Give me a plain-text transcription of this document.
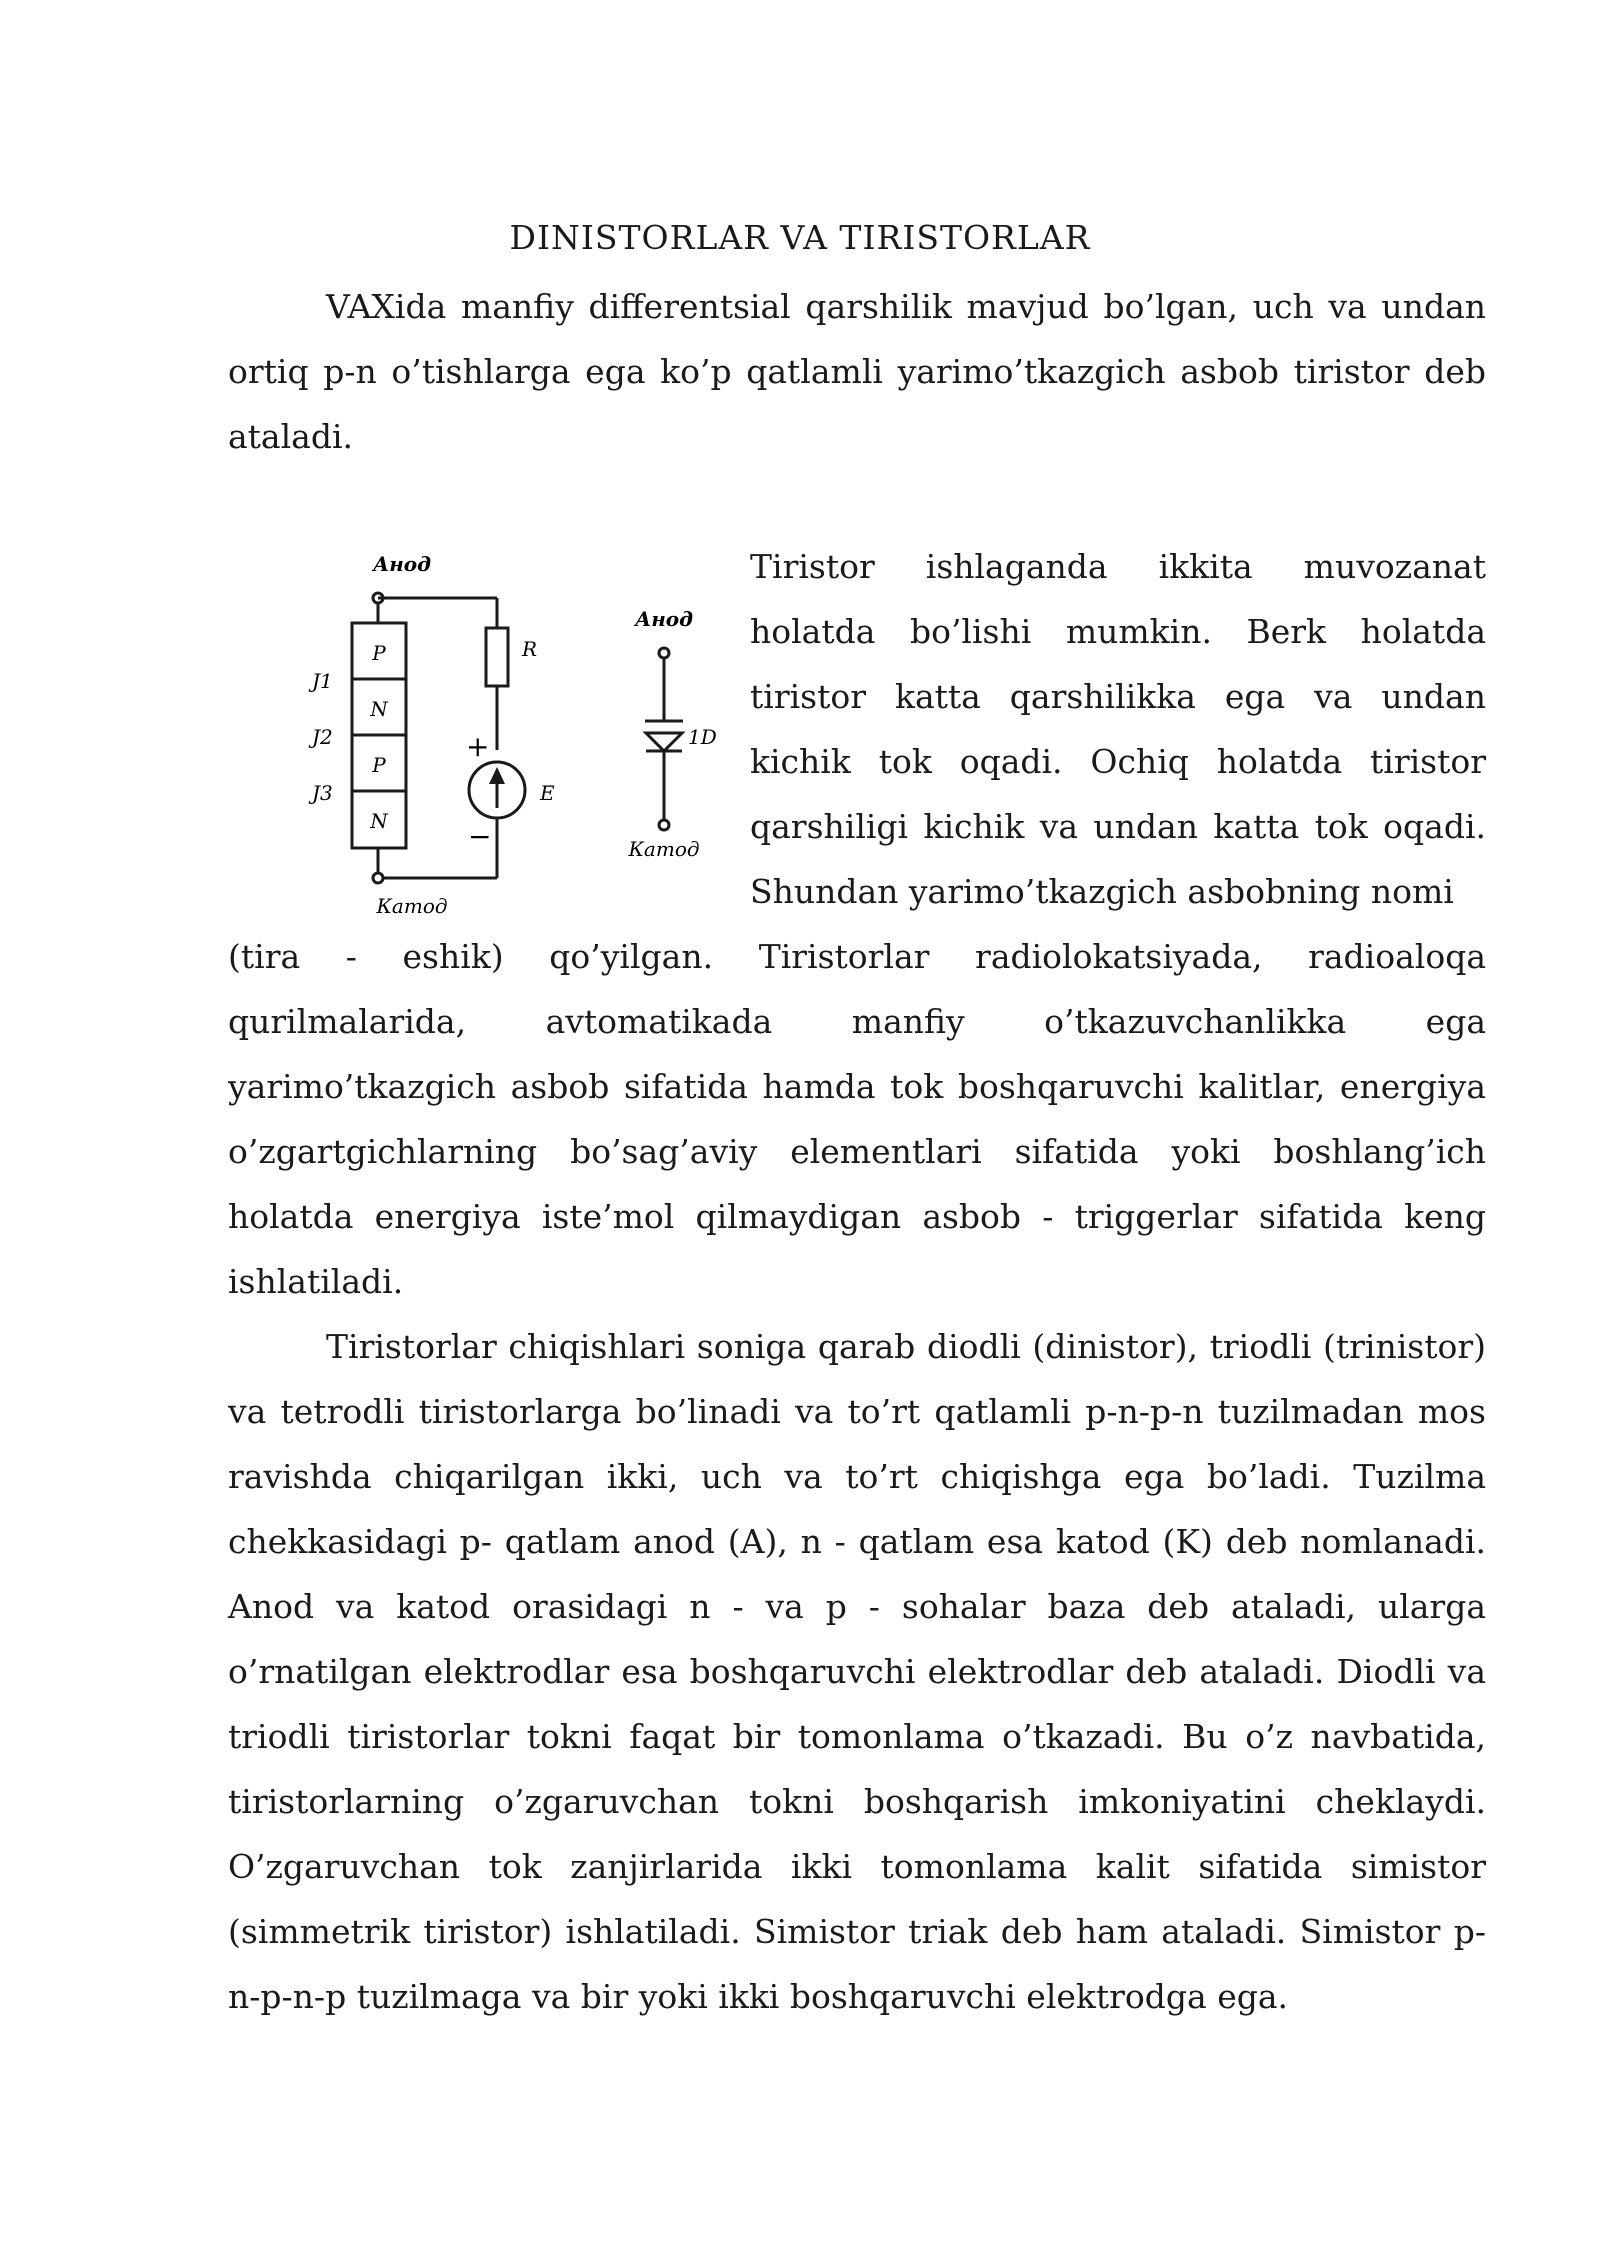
DINISTORLAR VA TIRISTORLAR

VAXida manfiy differentsial qarshilik mavjud bo’lgan, uch va undan ortiq p-n o’tishlarga ega ko’p qatlamli yarimo’tkazgich asbob tiristor deb ataladi.

Анод
Катод
P
N
P
N
J1
J2
J3
R
E
+
−
Анод
Катод
1D

Tiristor ishlaganda ikkita muvozanat holatda bo’lishi mumkin. Berk holatda tiristor katta qarshilikka ega va undan kichik tok oqadi. Ochiq holatda tiristor qarshiligi kichik va undan katta tok oqadi. Shundan yarimo’tkazgich asbobning nomi

(tira - eshik) qo’yilgan. Tiristorlar radiolokatsiyada, radioaloqa qurilmalarida, avtomatikada manfiy o’tkazuvchanlikka ega yarimo’tkazgich asbob sifatida hamda tok boshqaruvchi kalitlar, energiya o’zgartgichlarning bo’sag’aviy elementlari sifatida yoki boshlang’ich holatda energiya iste’mol qilmaydigan asbob - triggerlar sifatida keng ishlatiladi.

Tiristorlar chiqishlari soniga qarab diodli (dinistor), triodli (trinistor) va tetrodli tiristorlarga bo’linadi va to’rt qatlamli p-n-p-n tuzilmadan mos ravishda chiqarilgan ikki, uch va to’rt chiqishga ega bo’ladi. Tuzilma chekkasidagi p- qatlam anod (A), n - qatlam esa katod (K) deb nomlanadi. Anod va katod orasidagi n - va p - sohalar baza deb ataladi, ularga o’rnatilgan elektrodlar esa boshqaruvchi elektrodlar deb ataladi. Diodli va triodli tiristorlar tokni faqat bir tomonlama o’tkazadi. Bu o’z navbatida, tiristorlarning o’zgaruvchan tokni boshqarish imkoniyatini cheklaydi. O’zgaruvchan tok zanjirlarida ikki tomonlama kalit sifatida simistor (simmetrik tiristor) ishlatiladi. Simistor triak deb ham ataladi. Simistor p-n-p-n-p tuzilmaga va bir yoki ikki boshqaruvchi elektrodga ega.
